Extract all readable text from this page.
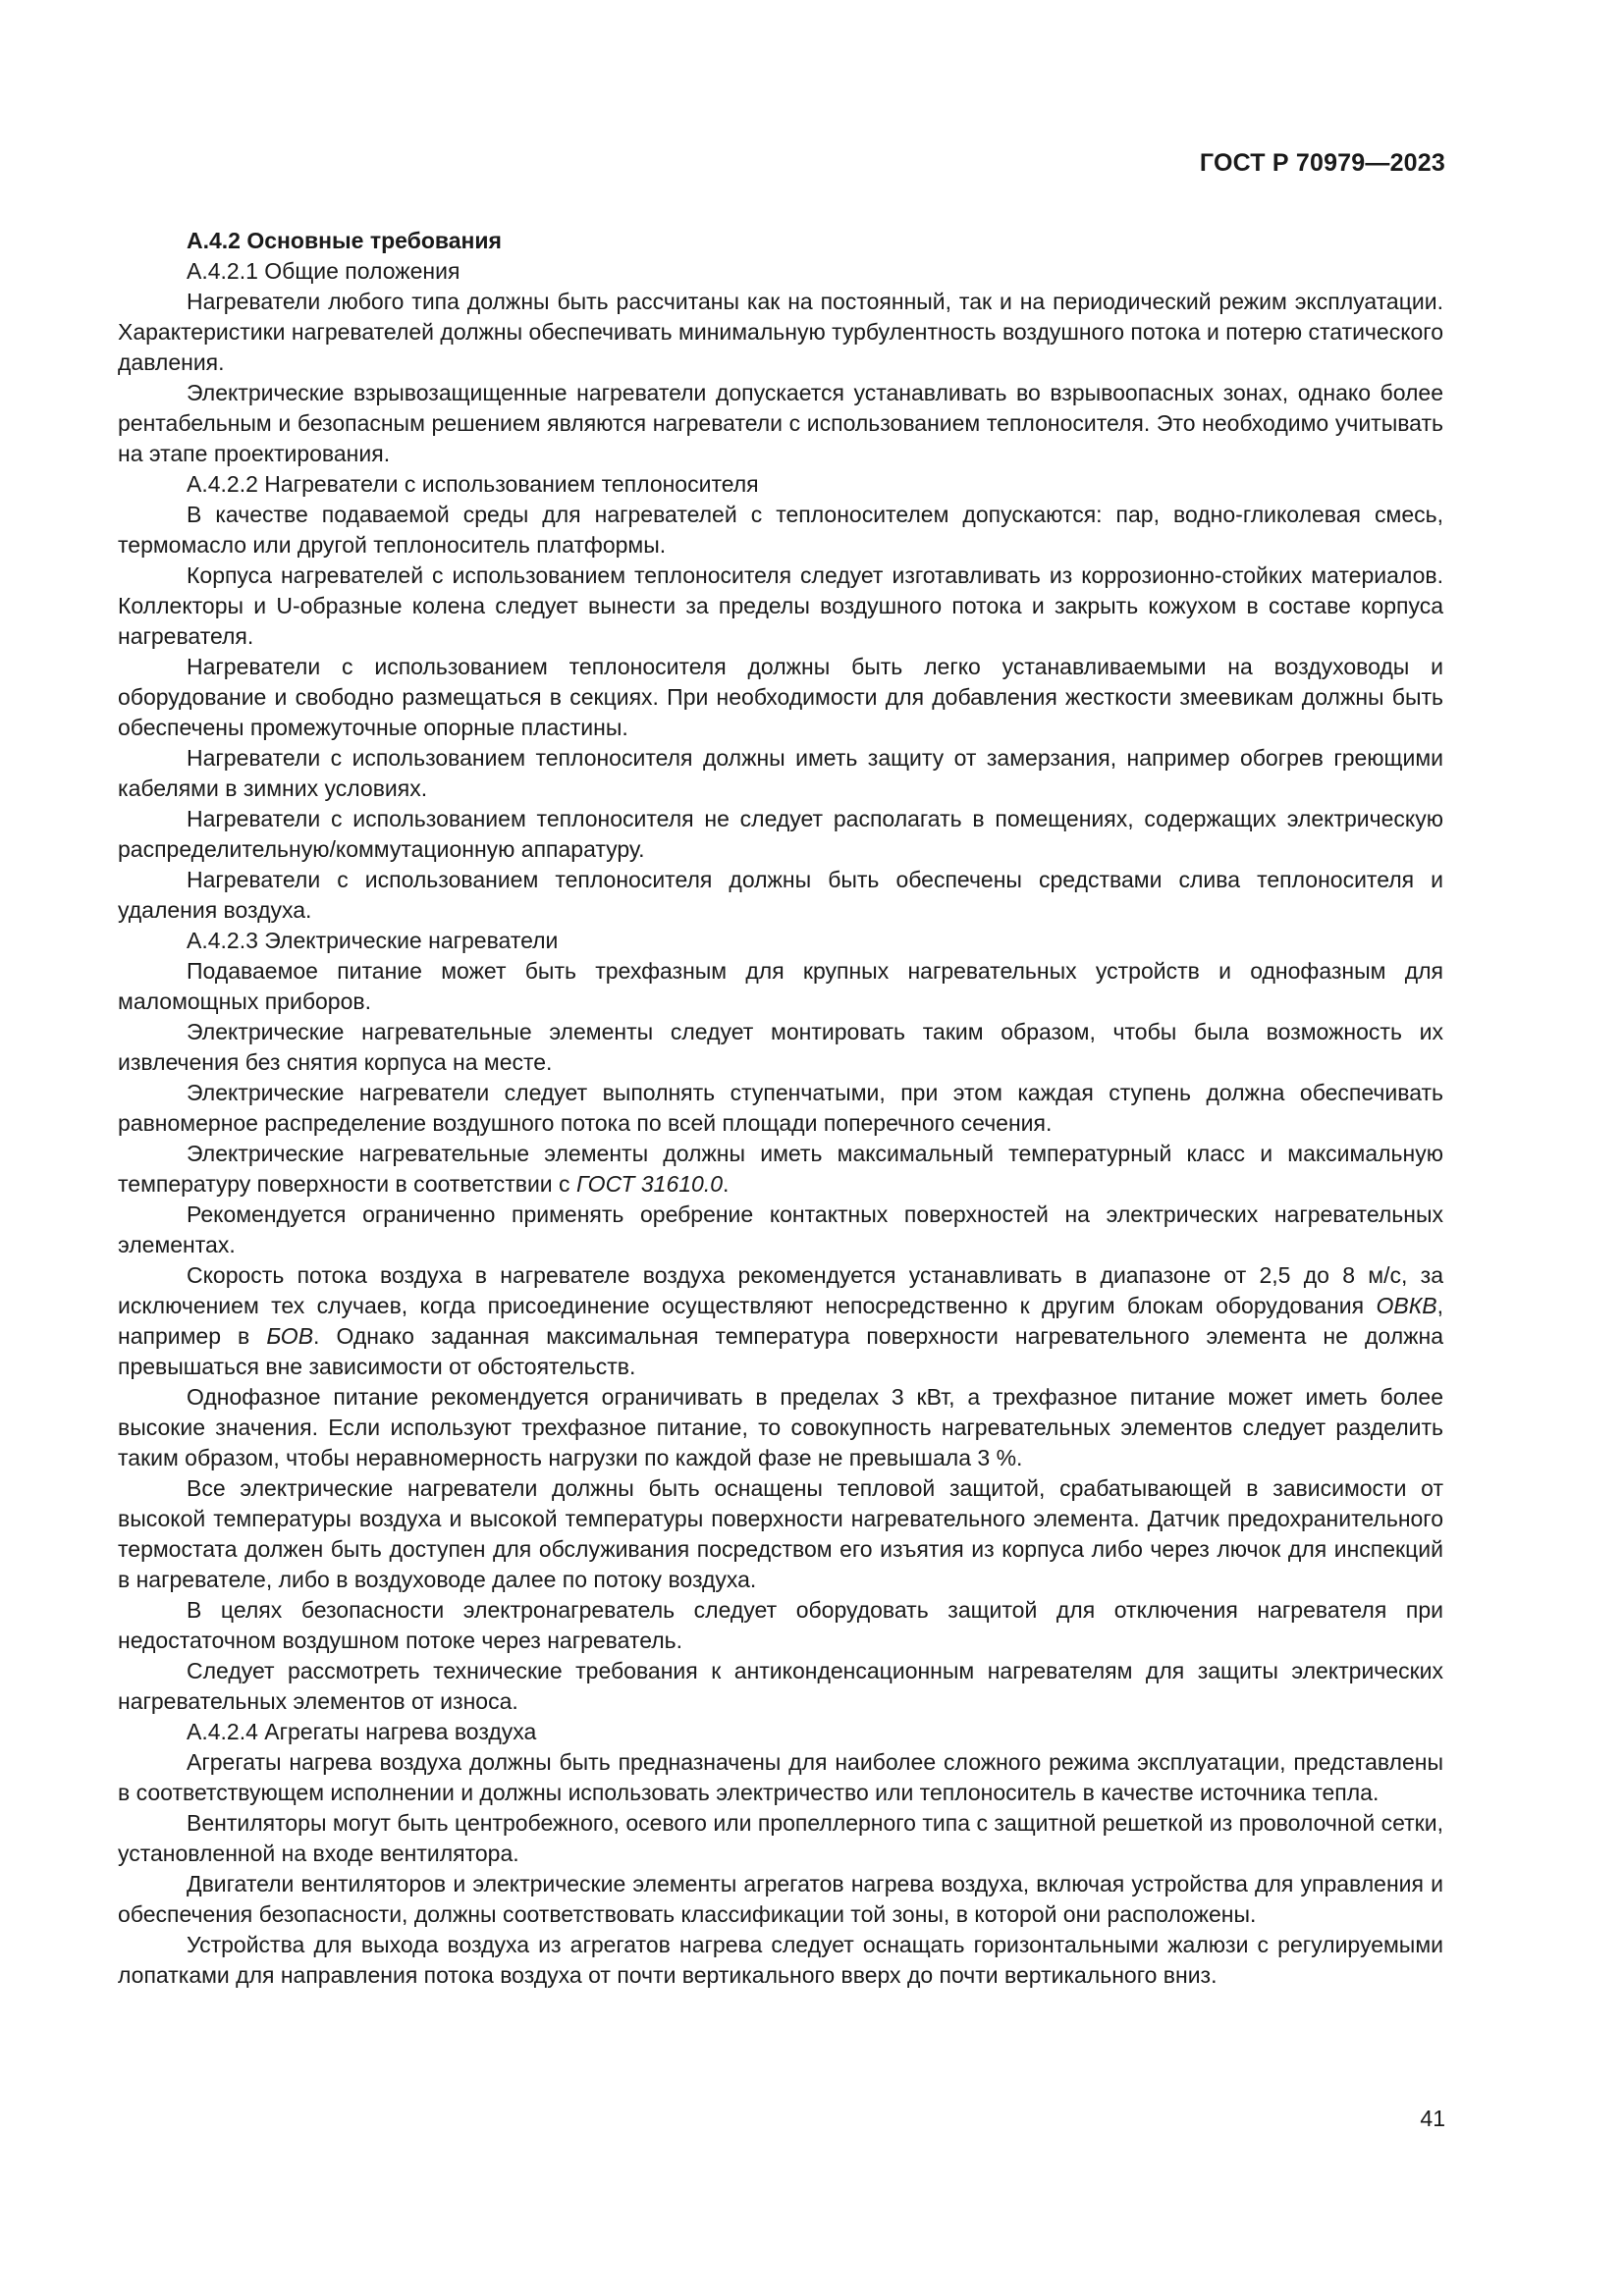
ГОСТ Р 70979—2023

А.4.2 Основные требования

А.4.2.1 Общие положения

Нагреватели любого типа должны быть рассчитаны как на постоянный, так и на периодический режим эксплуатации. Характеристики нагревателей должны обеспечивать минимальную турбулентность воздушного потока и потерю статического давления.

Электрические взрывозащищенные нагреватели допускается устанавливать во взрывоопасных зонах, однако более рентабельным и безопасным решением являются нагреватели с использованием теплоносителя. Это необходимо учитывать на этапе проектирования.

А.4.2.2 Нагреватели с использованием теплоносителя

В качестве подаваемой среды для нагревателей с теплоносителем допускаются: пар, водно-гликолевая смесь, термомасло или другой теплоноситель платформы.

Корпуса нагревателей с использованием теплоносителя следует изготавливать из коррозионно-стойких материалов. Коллекторы и U-образные колена следует вынести за пределы воздушного потока и закрыть кожухом в составе корпуса нагревателя.

Нагреватели с использованием теплоносителя должны быть легко устанавливаемыми на воздуховоды и оборудование и свободно размещаться в секциях. При необходимости для добавления жесткости змеевикам должны быть обеспечены промежуточные опорные пластины.

Нагреватели с использованием теплоносителя должны иметь защиту от замерзания, например обогрев греющими кабелями в зимних условиях.

Нагреватели с использованием теплоносителя не следует располагать в помещениях, содержащих электрическую распределительную/коммутационную аппаратуру.

Нагреватели с использованием теплоносителя должны быть обеспечены средствами слива теплоносителя и удаления воздуха.

А.4.2.3 Электрические нагреватели

Подаваемое питание может быть трехфазным для крупных нагревательных устройств и однофазным для маломощных приборов.

Электрические нагревательные элементы следует монтировать таким образом, чтобы была возможность их извлечения без снятия корпуса на месте.

Электрические нагреватели следует выполнять ступенчатыми, при этом каждая ступень должна обеспечивать равномерное распределение воздушного потока по всей площади поперечного сечения.

Электрические нагревательные элементы должны иметь максимальный температурный класс и максимальную температуру поверхности в соответствии с ГОСТ 31610.0.

Рекомендуется ограниченно применять оребрение контактных поверхностей на электрических нагревательных элементах.

Скорость потока воздуха в нагревателе воздуха рекомендуется устанавливать в диапазоне от 2,5 до 8 м/с, за исключением тех случаев, когда присоединение осуществляют непосредственно к другим блокам оборудования ОВКВ, например в БОВ. Однако заданная максимальная температура поверхности нагревательного элемента не должна превышаться вне зависимости от обстоятельств.

Однофазное питание рекомендуется ограничивать в пределах 3 кВт, а трехфазное питание может иметь более высокие значения. Если используют трехфазное питание, то совокупность нагревательных элементов следует разделить таким образом, чтобы неравномерность нагрузки по каждой фазе не превышала 3 %.

Все электрические нагреватели должны быть оснащены тепловой защитой, срабатывающей в зависимости от высокой температуры воздуха и высокой температуры поверхности нагревательного элемента. Датчик предохранительного термостата должен быть доступен для обслуживания посредством его изъятия из корпуса либо через лючок для инспекций в нагревателе, либо в воздуховоде далее по потоку воздуха.

В целях безопасности электронагреватель следует оборудовать защитой для отключения нагревателя при недостаточном воздушном потоке через нагреватель.

Следует рассмотреть технические требования к антиконденсационным нагревателям для защиты электрических нагревательных элементов от износа.

А.4.2.4 Агрегаты нагрева воздуха

Агрегаты нагрева воздуха должны быть предназначены для наиболее сложного режима эксплуатации, представлены в соответствующем исполнении и должны использовать электричество или теплоноситель в качестве источника тепла.

Вентиляторы могут быть центробежного, осевого или пропеллерного типа с защитной решеткой из проволочной сетки, установленной на входе вентилятора.

Двигатели вентиляторов и электрические элементы агрегатов нагрева воздуха, включая устройства для управления и обеспечения безопасности, должны соответствовать классификации той зоны, в которой они расположены.

Устройства для выхода воздуха из агрегатов нагрева следует оснащать горизонтальными жалюзи с регулируемыми лопатками для направления потока воздуха от почти вертикального вверх до почти вертикального вниз.

41
